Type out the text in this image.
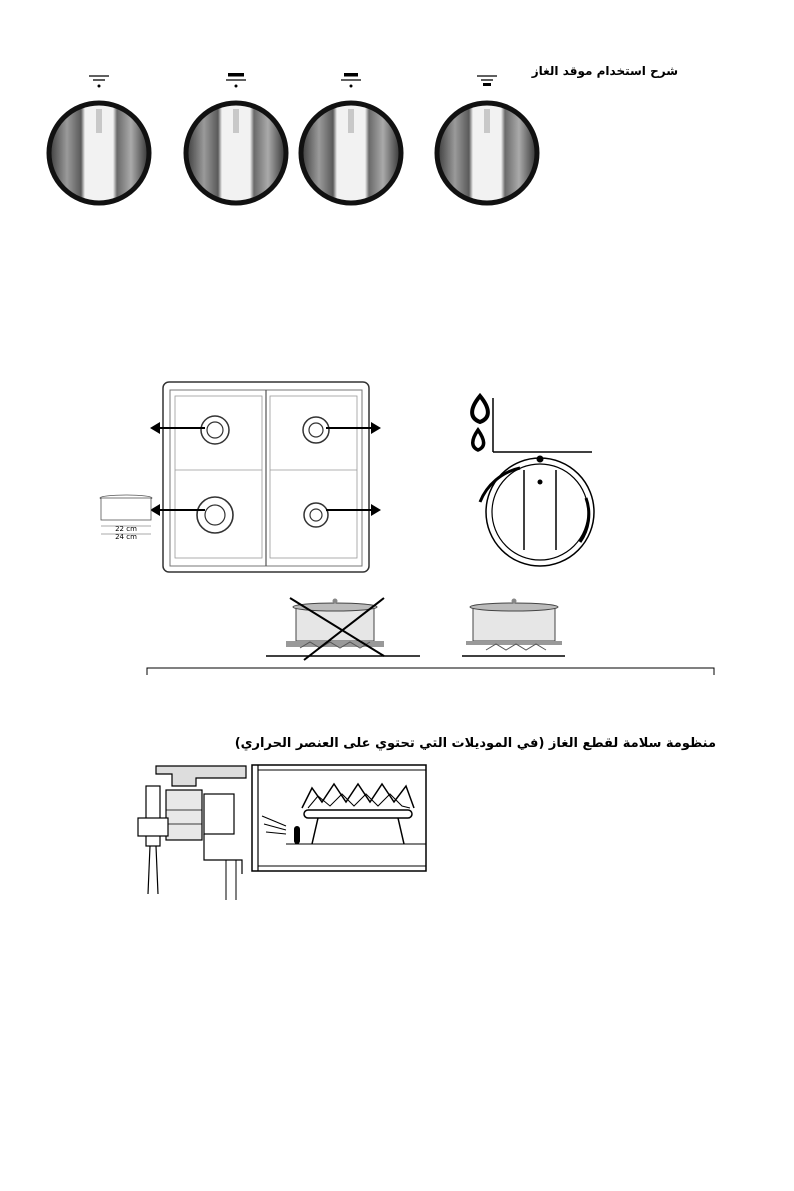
شرح استخدام موقد الغاز
منظومة سلامة لقطع الغاز (في الموديلات التي تحتوي على العنصر الحراري)
22 cm
24 cm
